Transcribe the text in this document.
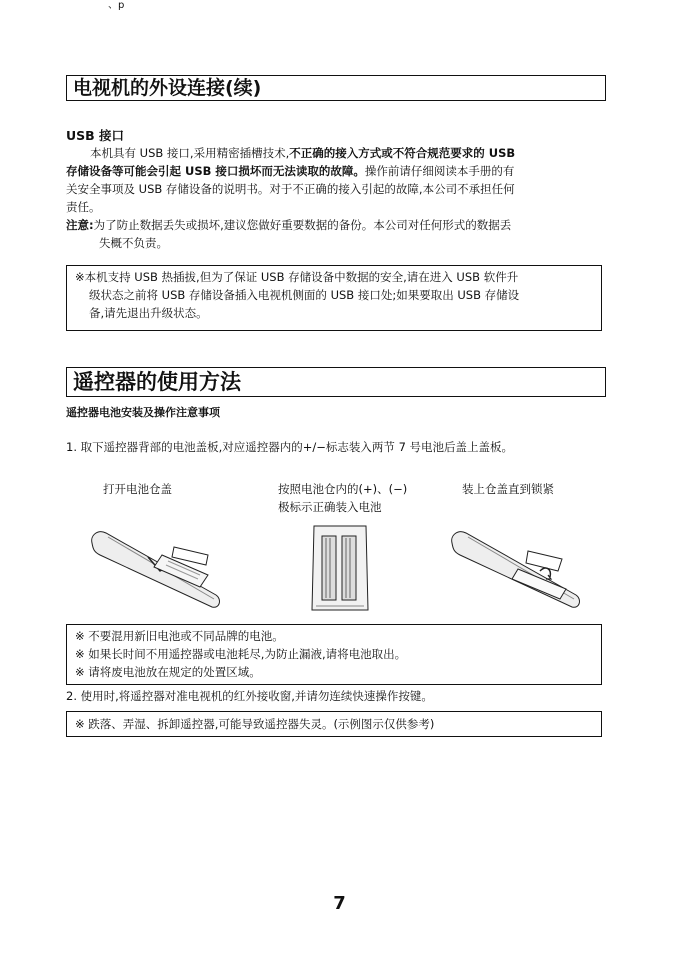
、p
电视机的外设连接(续)
USB 接口
本机具有 USB 接口,采用精密插槽技术,不正确的接入方式或不符合规范要求的 USB
存储设备等可能会引起 USB 接口损坏而无法读取的故障。操作前请仔细阅读本手册的有
关安全事项及 USB 存储设备的说明书。对于不正确的接入引起的故障,本公司不承担任何
责任。
注意:为了防止数据丢失或损坏,建议您做好重要数据的备份。本公司对任何形式的数据丢
失概不负责。
※本机支持 USB 热插拔,但为了保证 USB 存储设备中数据的安全,请在进入 USB 软件升
级状态之前将 USB 存储设备插入电视机侧面的 USB 接口处;如果要取出 USB 存储设
备,请先退出升级状态。
遥控器的使用方法
遥控器电池安装及操作注意事项
1. 取下遥控器背部的电池盖板,对应遥控器内的+/−标志装入两节 7 号电池后盖上盖板。
打开电池仓盖	按照电池仓内的(+)、(−)
极标示正确装入电池
装上仓盖直到锁紧
※ 不要混用新旧电池或不同品牌的电池。
※ 如果长时间不用遥控器或电池耗尽,为防止漏液,请将电池取出。
※ 请将废电池放在规定的处置区域。
2. 使用时,将遥控器对准电视机的红外接收窗,并请勿连续快速操作按键。
※ 跌落、弄湿、拆卸遥控器,可能导致遥控器失灵。(示例图示仅供参考)
7
